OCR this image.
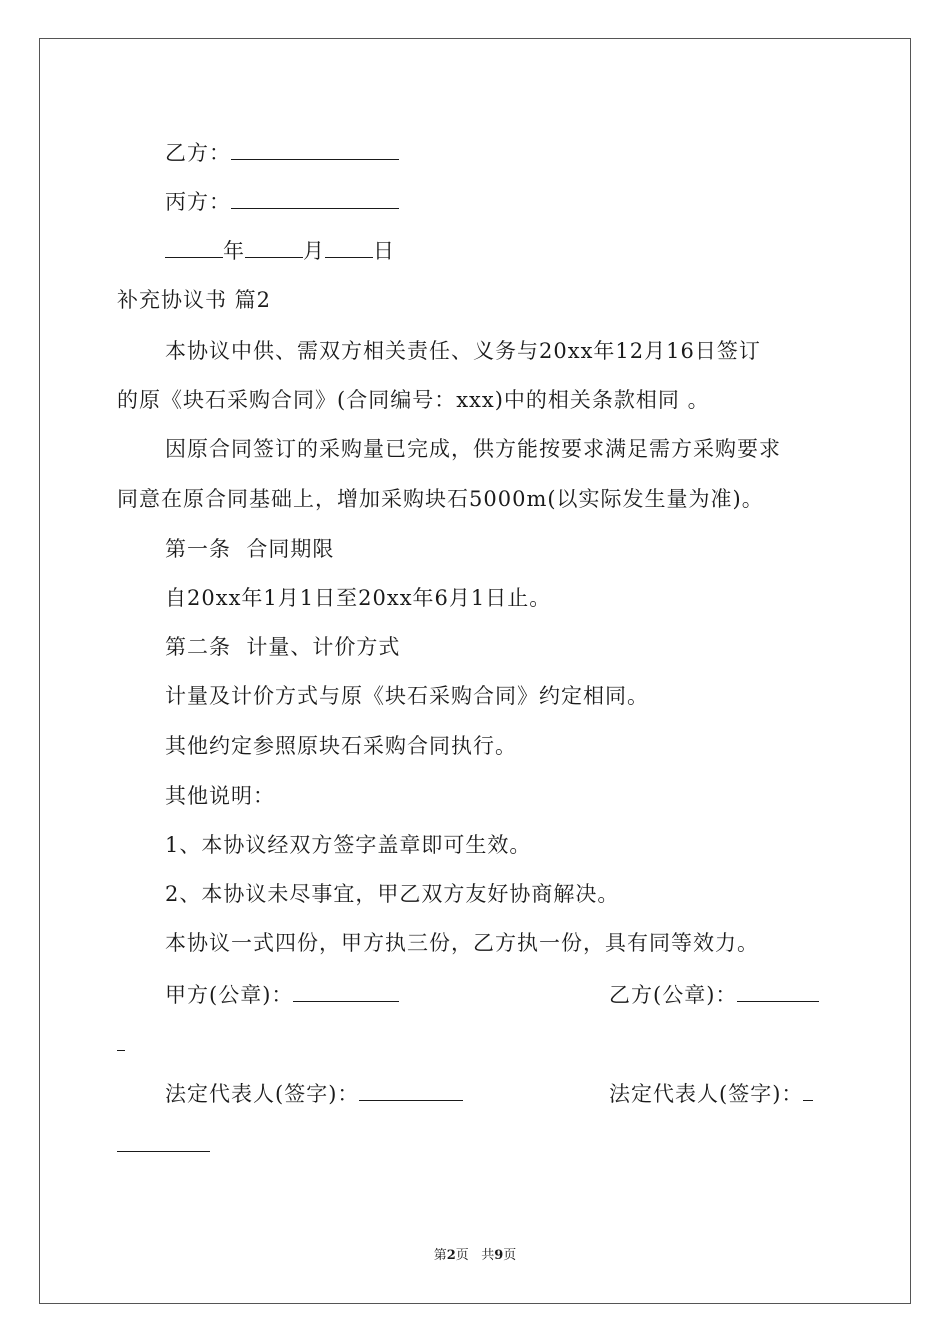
乙方：
丙方：
年	月 日
补充协议书 篇2
本协议中供、需双方相关责任、义务与20xx年12月16日签订
的原《块石采购合同》(合同编号：xxx)中的相关条款相同 。
因原合同签订的采购量已完成，供方能按要求满足需方采购要求
同意在原合同基础上，增加采购块石5000m(以实际发生量为准)。
第一条  合同期限
自20xx年1月1日至20xx年6月1日止。
第二条  计量、计价方式
计量及计价方式与原《块石采购合同》约定相同。
其他约定参照原块石采购合同执行。
其他说明：
1、本协议经双方签字盖章即可生效。
2、本协议未尽事宜，甲乙双方友好协商解决。
本协议一式四份，甲方执三份，乙方执一份，具有同等效力。
甲方(公章)：	乙方(公章)：
法定代表人(签字)：	法定代表人(签字)：
第2页 共9页
